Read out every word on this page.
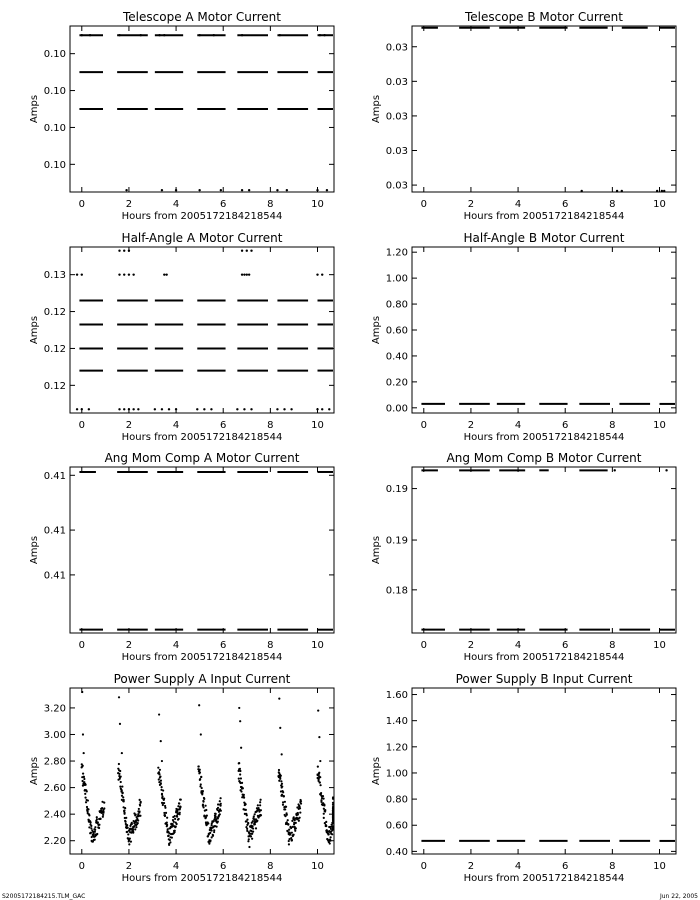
S2005172184215.TLM_GAC	Jun 22, 2005
Telescope A Motor Current
0	2	4	6	8	10
0.10
0.10
0.10
0.10
Hours from 2005172184218544
Amps
Telescope B Motor Current
0	2	4	6	8	10
0.03
0.03
0.03
0.03
0.03
Hours from 2005172184218544
Amps
Half-Angle A Motor Current
0	2	4	6	8	10
0.12
0.12
0.12
0.13
Hours from 2005172184218544
Amps
Half-Angle B Motor Current
0	2	4	6	8	10
0.00
0.20
0.40
0.60
0.80
1.00
1.20
Hours from 2005172184218544
Amps
Ang Mom Comp A Motor Current
0	2	4	6	8	10
0.41
0.41
0.41
Hours from 2005172184218544
Amps
Ang Mom Comp B Motor Current
0	2	4	6	8	10
0.18
0.19
0.19
Hours from 2005172184218544
Amps
Power Supply A Input Current
0	2	4	6	8	10
2.20
2.40
2.60
2.80
3.00
3.20
Hours from 2005172184218544
Amps
Power Supply B Input Current
0	2	4	6	8	10
0.40
0.60
0.80
1.00
1.20
1.40
1.60
Hours from 2005172184218544
Amps
